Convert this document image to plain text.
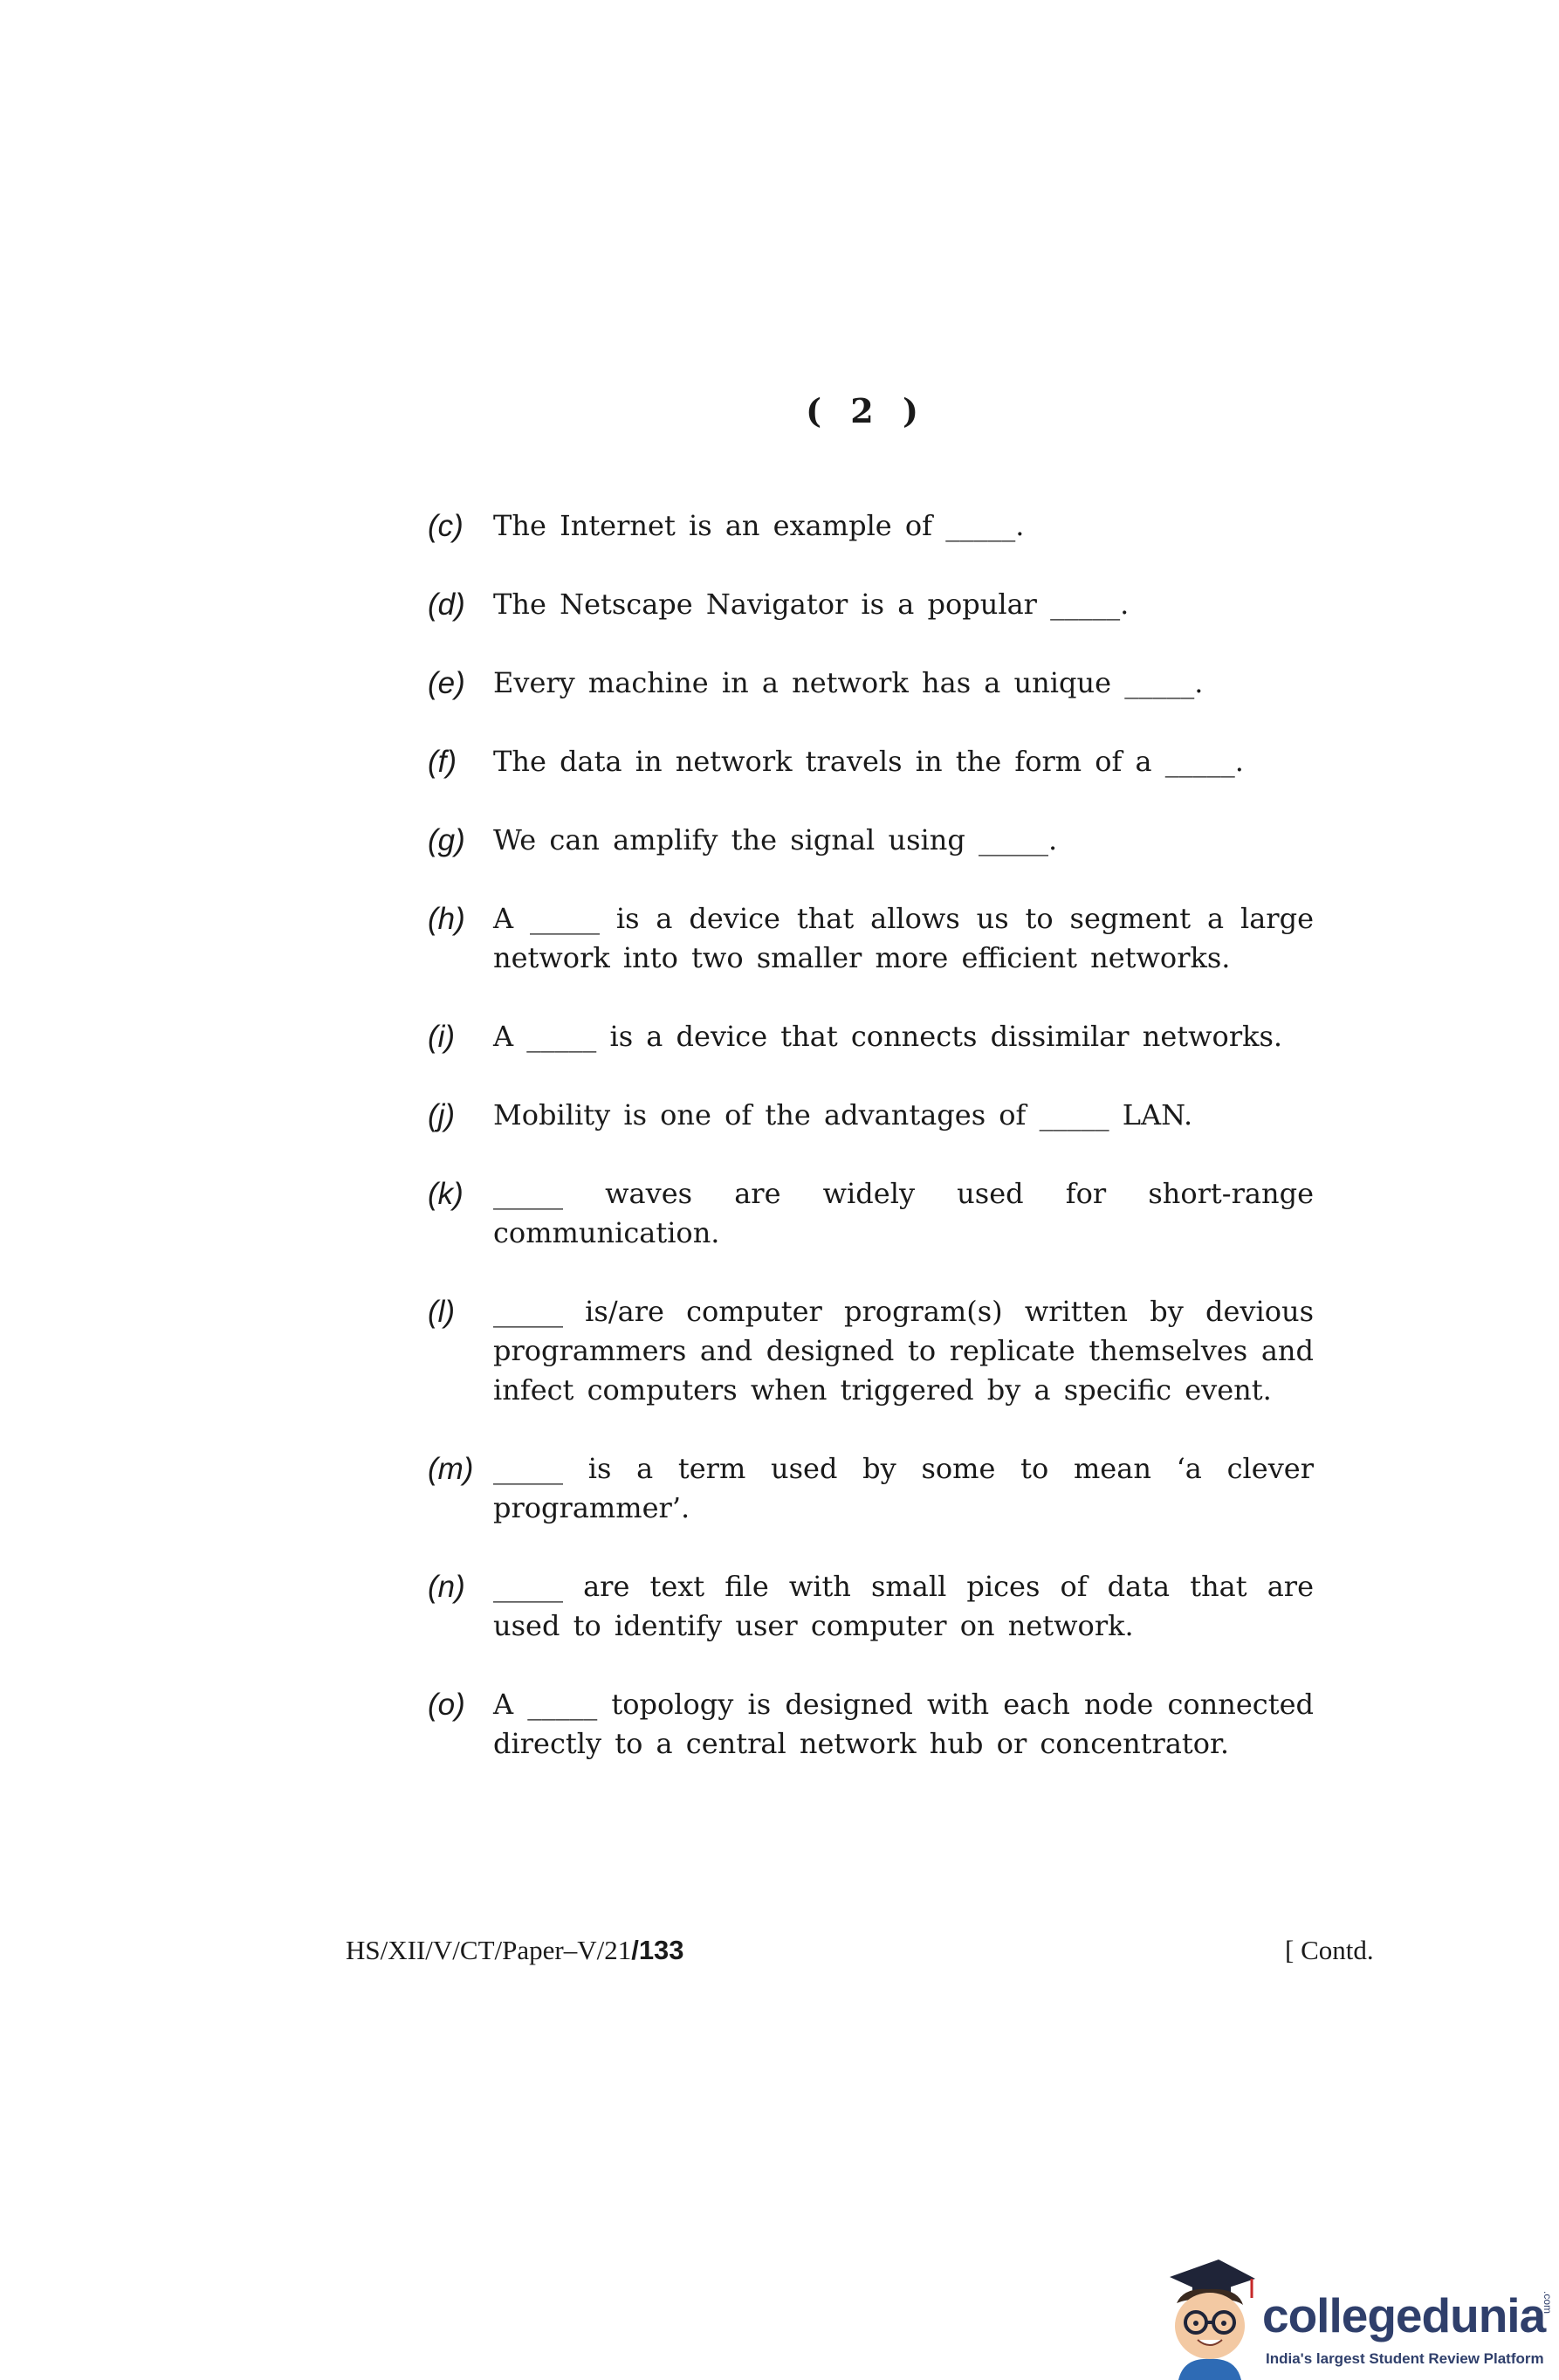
( 2 )
(c)	The Internet is an example of _____.
(d)	The Netscape Navigator is a popular _____.
(e)	Every machine in a network has a unique _____.
(f)	The data in network travels in the form of a _____.
(g)	We can amplify the signal using _____.
(h)	A _____ is a device that allows us to segment a large network into two smaller more efficient networks.
(i)	A _____ is a device that connects dissimilar networks.
(j)	Mobility is one of the advantages of _____ LAN.
(k)	_____ waves are widely used for short-range communication.
(l)	_____ is/are computer program(s) written by devious programmers and designed to replicate themselves and infect computers when triggered by a specific event.
(m) _____ is a term used by some to mean ‘a clever programmer’.
(n)	_____ are text file with small pices of data that are used to identify user computer on network.
(o)	A _____ topology is designed with each node connected directly to a central network hub or concentrator.
HS/XII/V/CT/Paper–V/21/133	[ Contd.
collegedunia
.com
India's largest Student Review Platform
